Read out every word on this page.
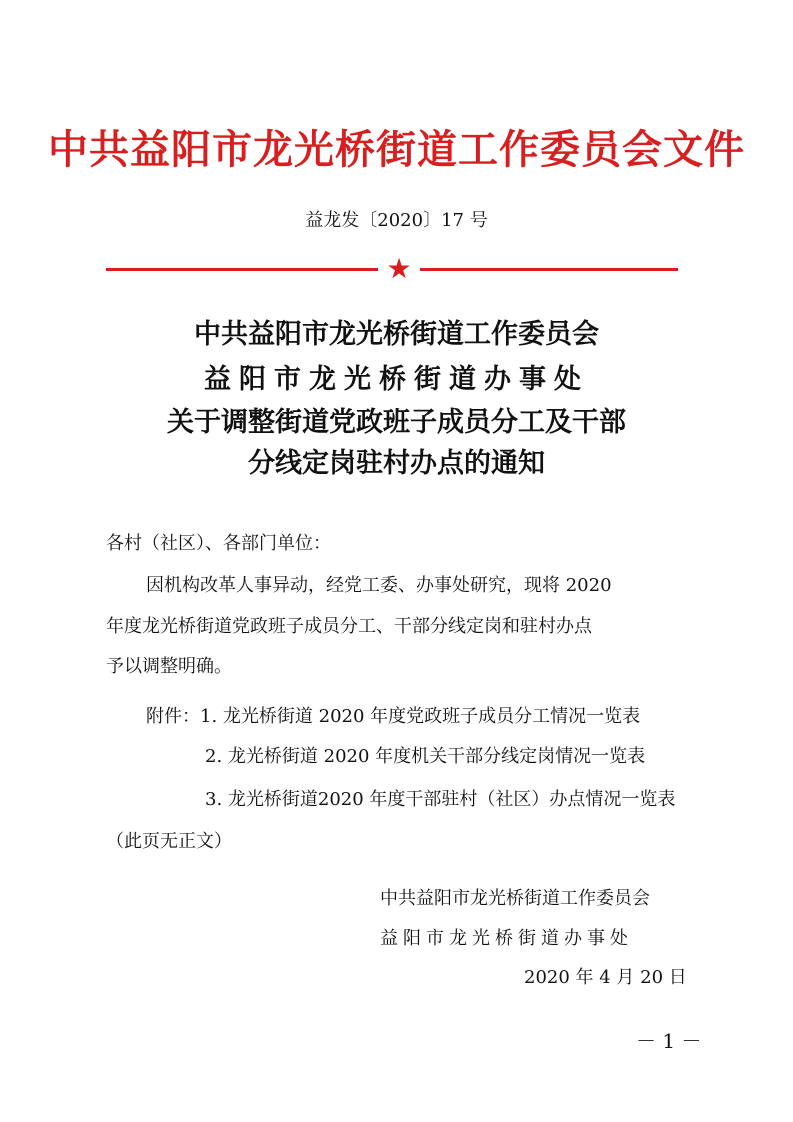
中共益阳市龙光桥街道工作委员会文件
益龙发〔2020〕17 号
★
中共益阳市龙光桥街道工作委员会
益阳市龙光桥街道办事处
关于调整街道党政班子成员分工及干部
分线定岗驻村办点的通知
各村（社区）、各部门单位：
因机构改革人事异动，经党工委、办事处研究，现将 2020
年度龙光桥街道党政班子成员分工、干部分线定岗和驻村办点
予以调整明确。
附件：1. 龙光桥街道 2020 年度党政班子成员分工情况一览表
2. 龙光桥街道 2020 年度机关干部分线定岗情况一览表
3. 龙光桥街道2020 年度干部驻村（社区）办点情况一览表
（此页无正文）
中共益阳市龙光桥街道工作委员会
益阳市龙光桥街道办事处
2020 年 4 月 20 日
－ 1 －
